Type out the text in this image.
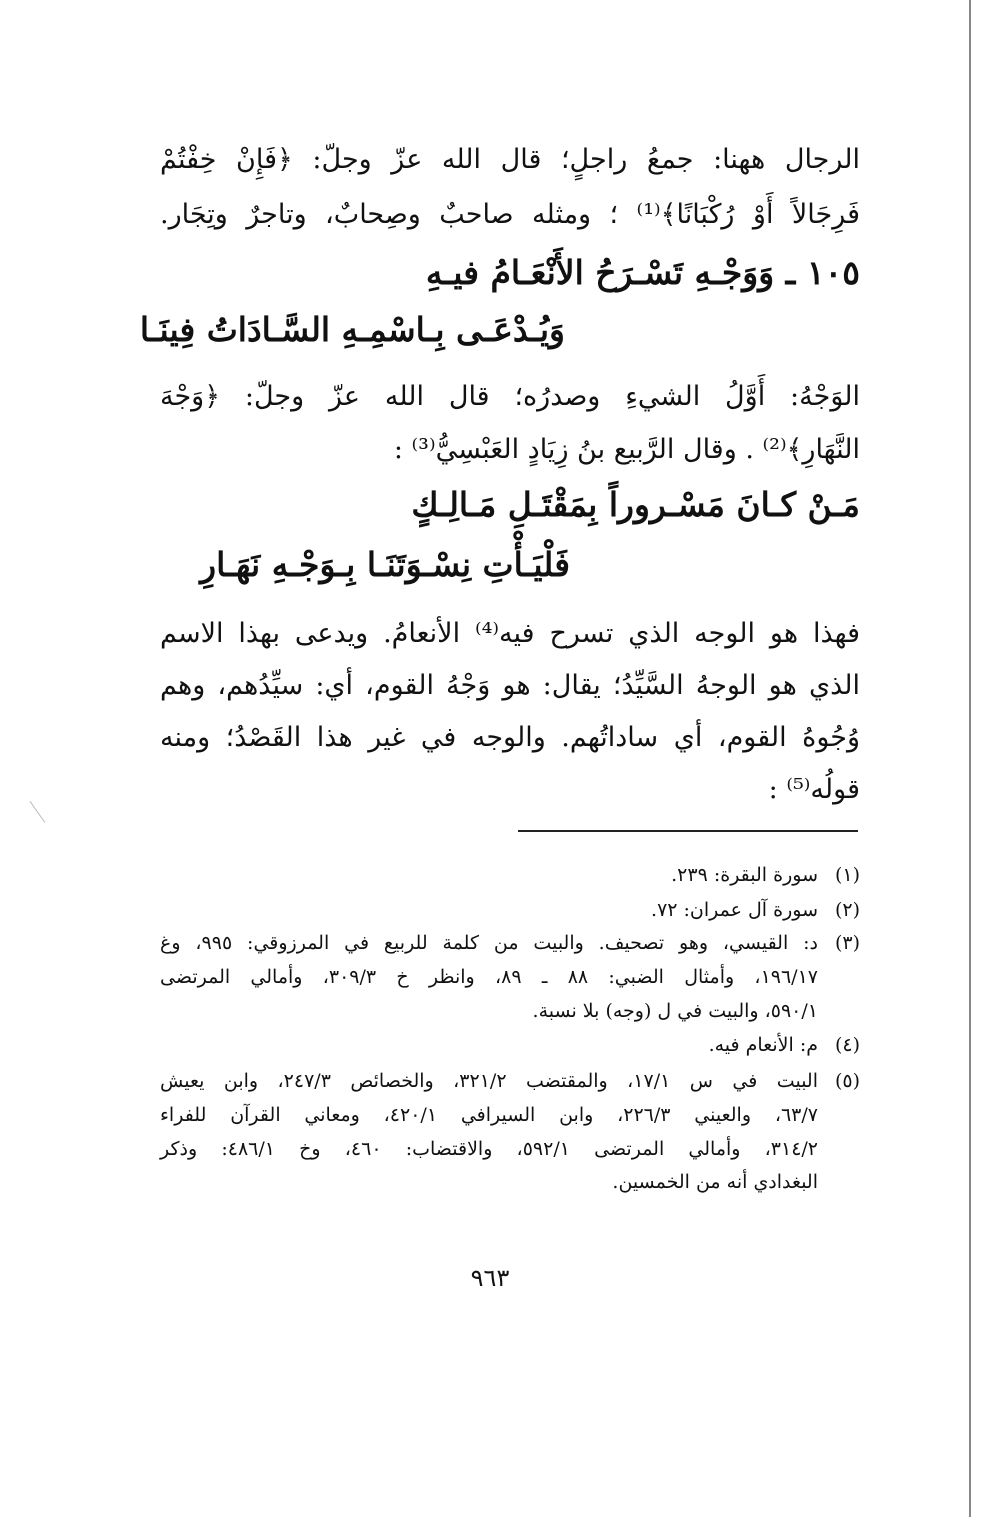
الرجال ههنا: جمعُ راجلٍ؛ قال الله عزّ وجلّ: ﴿فَإِنْ خِفْتُمْ
فَرِجَالاً أَوْ رُكْبَانًا﴾⁽¹⁾ ؛ ومثله صاحبٌ وصِحابٌ، وتاجرٌ وتِجَار.
١٠٥ ـ وَوَجْـهِ تَسْـرَحُ الأَنْعَـامُ فيـهِ
وَيُـدْعَـى بِـاسْمِـهِ السَّـادَاتُ فِينَـا
الوَجْهُ: أَوَّلُ الشيءِ وصدرُه؛ قال الله عزّ وجلّ: ﴿وَجْهَ
النَّهَارِ﴾⁽²⁾ . وقال الرَّبيع بنُ زِيَادٍ العَبْسِيُّ⁽³⁾ :
مَـنْ كـانَ مَسْـروراً بِمَقْتَـلِ مَـالِـكٍ
فَلْيَـأْتِ نِسْـوَتَنَـا بِـوَجْـهِ نَهَـارِ
فهذا هو الوجه الذي تسرح فيه⁽⁴⁾ الأنعامُ. ويدعى بهذا الاسم
الذي هو الوجهُ السَّيِّدُ؛ يقال: هو وَجْهُ القوم، أي: سيِّدُهم، وهم
وُجُوهُ القوم، أي ساداتُهم. والوجه في غير هذا القَصْدُ؛ ومنه
قولُه⁽⁵⁾ :
(١)
سورة البقرة: ٢٣٩.
(٢)
سورة آل عمران: ٧٢.
(٣)
د: القيسي، وهو تصحيف. والبيت من كلمة للربيع في المرزوقي: ٩٩٥، وغ
١٩٦/١٧، وأمثال الضبي: ٨٨ ـ ٨٩، وانظر خ ٣٠٩/٣، وأمالي المرتضى
٥٩٠/١، والبيت في ل (وجه) بلا نسبة.
(٤)
م: الأنعام فيه.
(٥)
البيت في س ١٧/١، والمقتضب ٣٢١/٢، والخصائص ٢٤٧/٣، وابن يعيش
٦٣/٧، والعيني ٢٢٦/٣، وابن السيرافي ٤٢٠/١، ومعاني القرآن للفراء
٣١٤/٢، وأمالي المرتضى ٥٩٢/١، والاقتضاب: ٤٦٠، وخ ٤٨٦/١: وذكر
البغدادي أنه من الخمسين.
٩٦٣
